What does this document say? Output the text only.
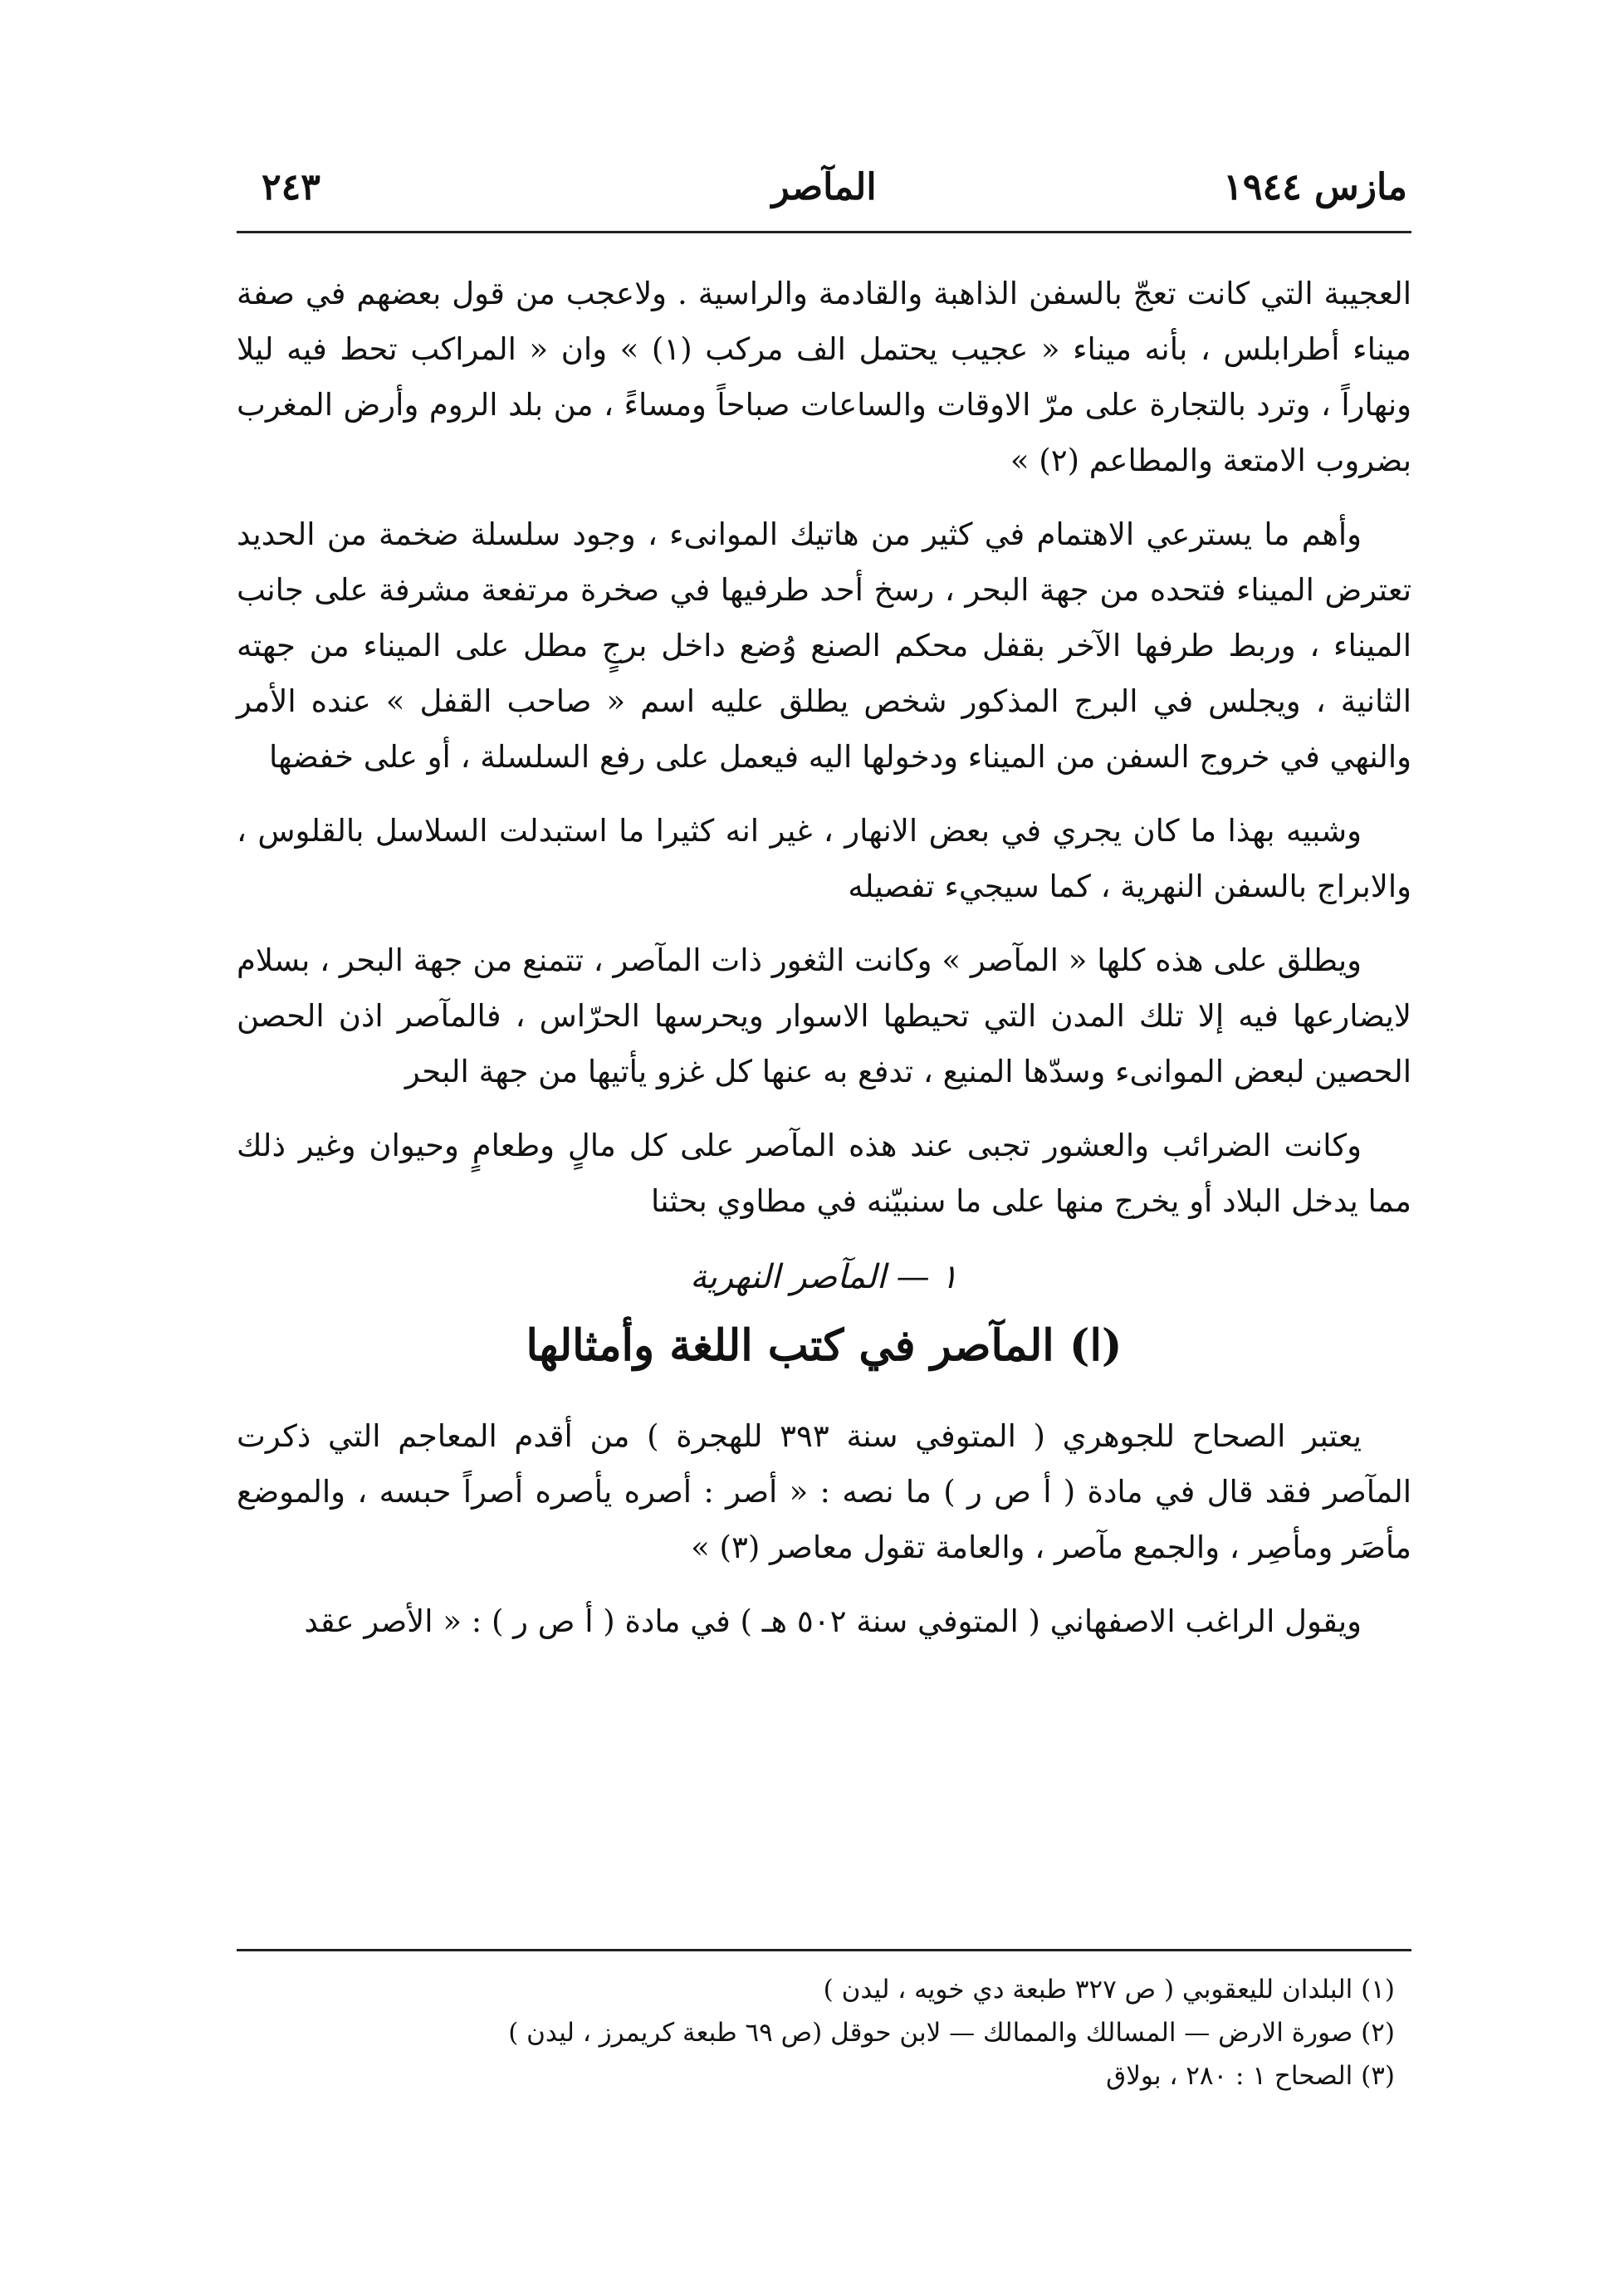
مازس ١٩٤٤
المآصر
٢٤٣

العجيبة التي كانت تعجّ بالسفن الذاهبة والقادمة والراسية . ولاعجب من قول بعضهم في صفة ميناء أطرابلس ، بأنه ميناء « عجيب يحتمل الف مركب (١) » وان « المراكب تحط فيه ليلا ونهاراً ، وترد بالتجارة على مرّ الاوقات والساعات صباحاً ومساءً ، من بلد الروم وأرض المغرب بضروب الامتعة والمطاعم (٢) »

وأهم ما يسترعي الاهتمام في كثير من هاتيك الموانىء ، وجود سلسلة ضخمة من الحديد تعترض الميناء فتحده من جهة البحر ، رسخ أحد طرفيها في صخرة مرتفعة مشرفة على جانب الميناء ، وربط طرفها الآخر بقفل محكم الصنع وُضع داخل برجٍ مطل على الميناء من جهته الثانية ، ويجلس في البرج المذكور شخص يطلق عليه اسم « صاحب القفل » عنده الأمر والنهي في خروج السفن من الميناء ودخولها اليه فيعمل على رفع السلسلة ، أو على خفضها

وشبيه بهذا ما كان يجري في بعض الانهار ، غير انه كثيرا ما استبدلت السلاسل بالقلوس ، والابراج بالسفن النهرية ، كما سيجيء تفصيله

ويطلق على هذه كلها « المآصر » وكانت الثغور ذات المآصر ، تتمنع من جهة البحر ، بسلام لايضارعها فيه إلا تلك المدن التي تحيطها الاسوار ويحرسها الحرّاس ، فالمآصر اذن الحصن الحصين لبعض الموانىء وسدّها المنيع ، تدفع به عنها كل غزو يأتيها من جهة البحر

وكانت الضرائب والعشور تجبى عند هذه المآصر على كل مالٍ وطعامٍ وحيوان وغير ذلك مما يدخل البلاد أو يخرج منها على ما سنبيّنه في مطاوي بحثنا

١ — المآصر النهرية
(ا) المآصر في كتب اللغة وأمثالها

يعتبر الصحاح للجوهري ( المتوفي سنة ٣٩٣ للهجرة ) من أقدم المعاجم التي ذكرت المآصر فقد قال في مادة ( أ ص ر ) ما نصه : « أصر : أصره يأصره أصراً حبسه ، والموضع مأصَر ومأصِر ، والجمع مآصر ، والعامة تقول معاصر (٣) »

ويقول الراغب الاصفهاني ( المتوفي سنة ٥٠٢ هـ ) في مادة ( أ ص ر ) : « الأصر عقد

(١) البلدان لليعقوبي ( ص ٣٢٧ طبعة دي خويه ، ليدن )
(٢) صورة الارض — المسالك والممالك — لابن حوقل (ص ٦٩ طبعة كريمرز ، ليدن )
(٣) الصحاح ١ : ٢٨٠ ، بولاق
